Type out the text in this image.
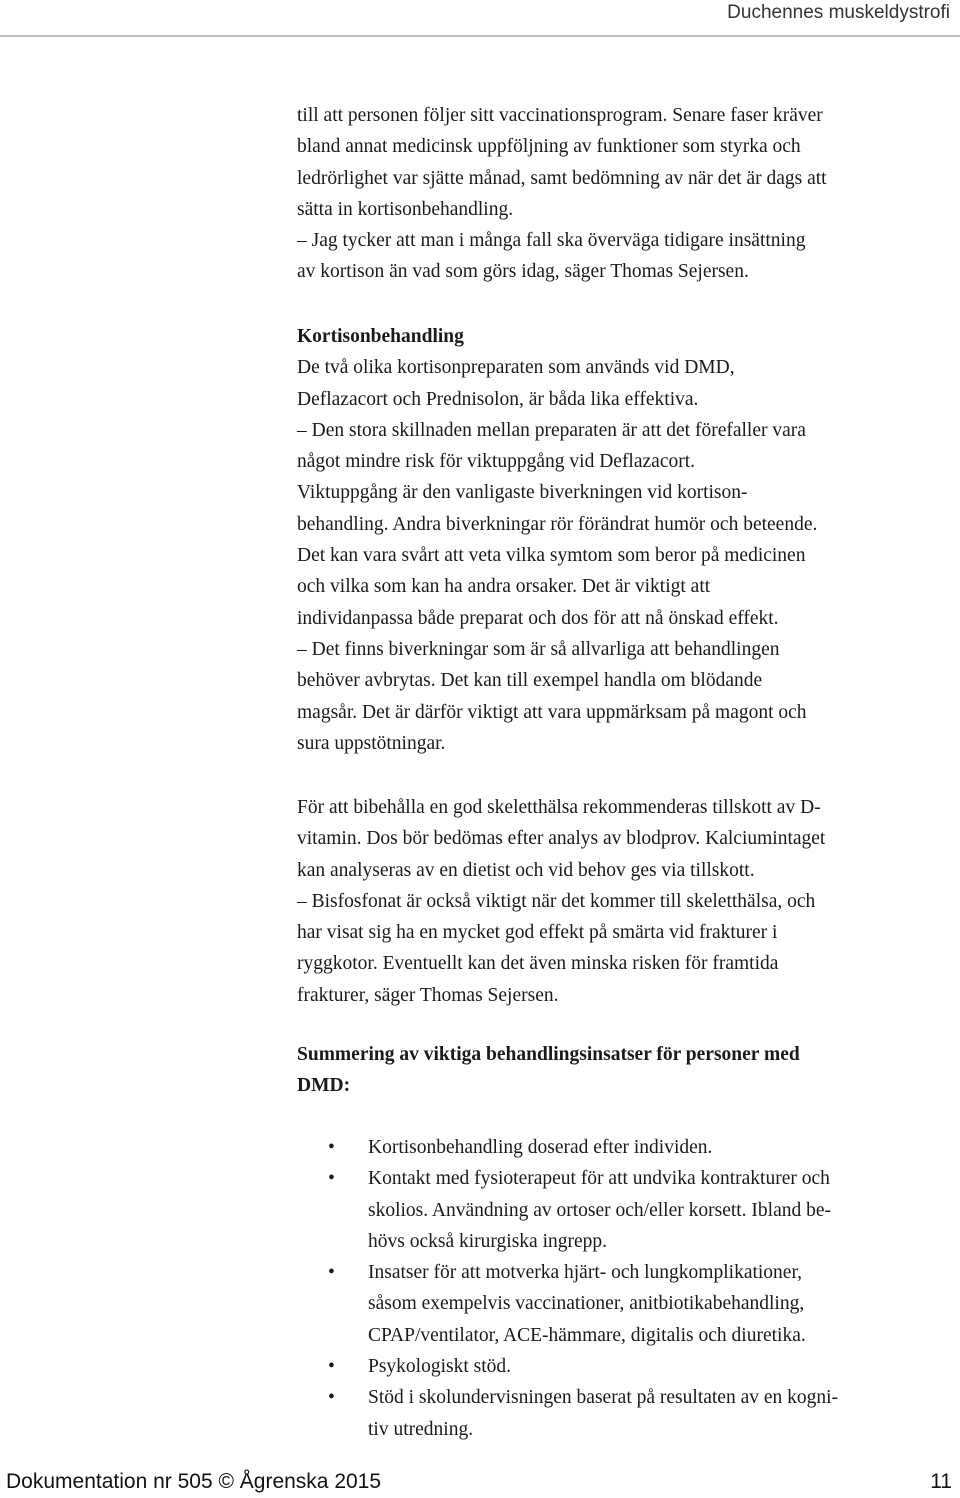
Duchennes muskeldystrofi
till att personen följer sitt vaccinationsprogram. Senare faser kräver
bland annat medicinsk uppföljning av funktioner som styrka och
ledrörlighet var sjätte månad, samt bedömning av när det är dags att
sätta in kortisonbehandling.
– Jag tycker att man i många fall ska överväga tidigare insättning
av kortison än vad som görs idag, säger Thomas Sejersen.
Kortisonbehandling
De två olika kortisonpreparaten som används vid DMD,
Deflazacort och Prednisolon, är båda lika effektiva.
– Den stora skillnaden mellan preparaten är att det förefaller vara
något mindre risk för viktuppgång vid Deflazacort.
Viktuppgång är den vanligaste biverkningen vid kortison-
behandling. Andra biverkningar rör förändrat humör och beteende.
Det kan vara svårt att veta vilka symtom som beror på medicinen
och vilka som kan ha andra orsaker. Det är viktigt att
individanpassa både preparat och dos för att nå önskad effekt.
– Det finns biverkningar som är så allvarliga att behandlingen
behöver avbrytas. Det kan till exempel handla om blödande
magsår. Det är därför viktigt att vara uppmärksam på magont och
sura uppstötningar.
För att bibehålla en god skeletthälsa rekommenderas tillskott av D-
vitamin. Dos bör bedömas efter analys av blodprov. Kalciumintaget
kan analyseras av en dietist och vid behov ges via tillskott.
– Bisfosfonat är också viktigt när det kommer till skeletthälsa, och
har visat sig ha en mycket god effekt på smärta vid frakturer i
ryggkotor. Eventuellt kan det även minska risken för framtida
frakturer, säger Thomas Sejersen.
Summering av viktiga behandlingsinsatser för personer med
DMD:
• Kortisonbehandling doserad efter individen.
• Kontakt med fysioterapeut för att undvika kontrakturer och
skolios. Användning av ortoser och/eller korsett. Ibland be-
hövs också kirurgiska ingrepp.
• Insatser för att motverka hjärt- och lungkomplikationer,
såsom exempelvis vaccinationer, anitbiotikabehandling,
CPAP/ventilator, ACE-hämmare, digitalis och diuretika.
• Psykologiskt stöd.
• Stöd i skolundervisningen baserat på resultaten av en kogni-
tiv utredning.
Dokumentation nr 505 © Ågrenska 2015	11
